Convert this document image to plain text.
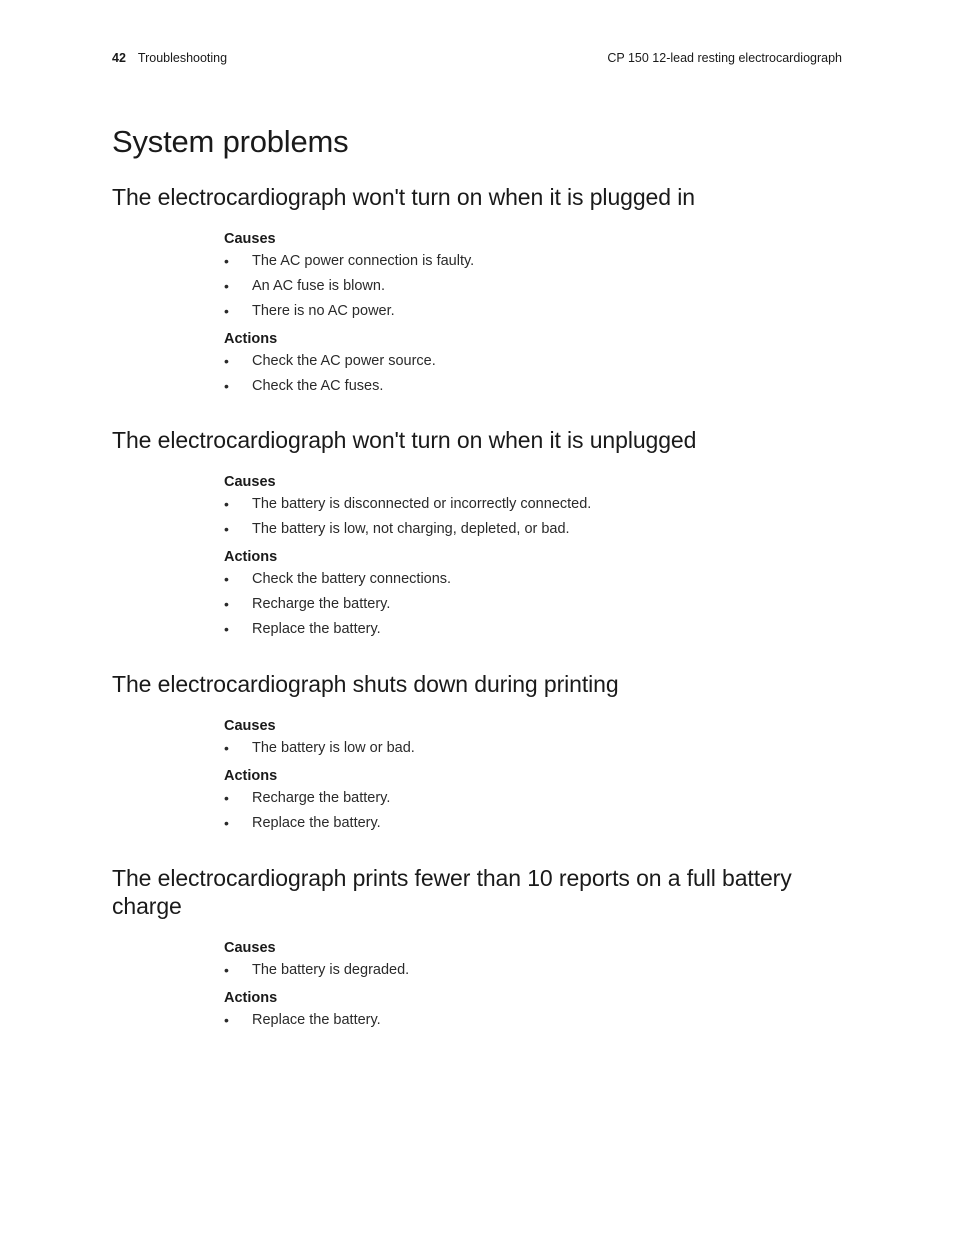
42 Troubleshooting	CP 150 12-lead resting electrocardiograph
System problems
The electrocardiograph won't turn on when it is plugged in
Causes
• The AC power connection is faulty.
• An AC fuse is blown.
• There is no AC power.
Actions
• Check the AC power source.
• Check the AC fuses.
The electrocardiograph won't turn on when it is unplugged
Causes
• The battery is disconnected or incorrectly connected.
• The battery is low, not charging, depleted, or bad.
Actions
• Check the battery connections.
• Recharge the battery.
• Replace the battery.
The electrocardiograph shuts down during printing
Causes
• The battery is low or bad.
Actions
• Recharge the battery.
• Replace the battery.
The electrocardiograph prints fewer than 10 reports on a full battery charge
Causes
• The battery is degraded.
Actions
• Replace the battery.
